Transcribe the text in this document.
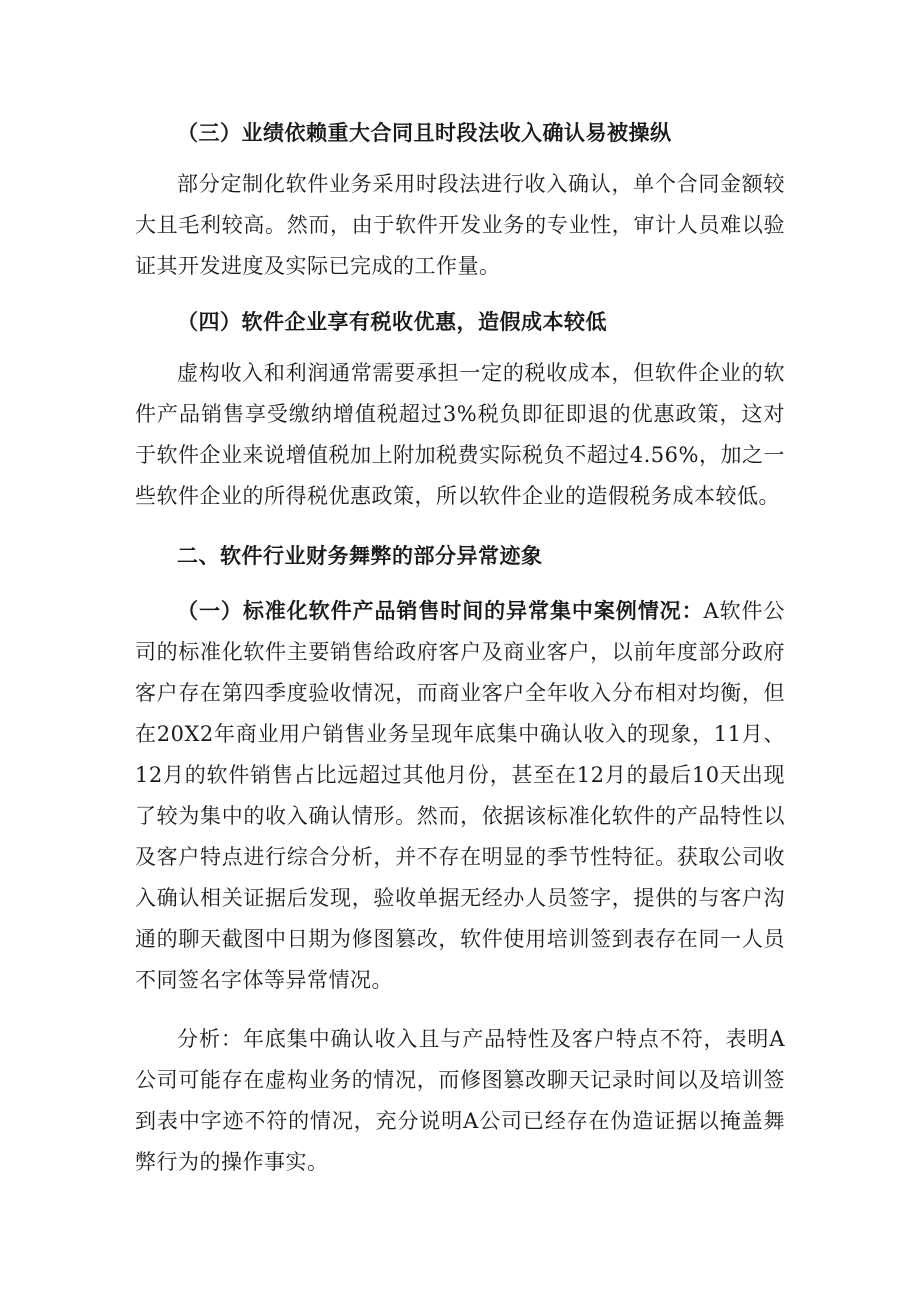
（三）业绩依赖重大合同且时段法收入确认易被操纵

部分定制化软件业务采用时段法进行收入确认，单个合同金额较大且毛利较高。然而，由于软件开发业务的专业性，审计人员难以验证其开发进度及实际已完成的工作量。

（四）软件企业享有税收优惠，造假成本较低

虚构收入和利润通常需要承担一定的税收成本，但软件企业的软件产品销售享受缴纳增值税超过3%税负即征即退的优惠政策，这对于软件企业来说增值税加上附加税费实际税负不超过4.56%，加之一些软件企业的所得税优惠政策，所以软件企业的造假税务成本较低。

二、软件行业财务舞弊的部分异常迹象

（一）标准化软件产品销售时间的异常集中案例情况：A软件公司的标准化软件主要销售给政府客户及商业客户，以前年度部分政府客户存在第四季度验收情况，而商业客户全年收入分布相对均衡，但在20X2年商业用户销售业务呈现年底集中确认收入的现象，11月、12月的软件销售占比远超过其他月份，甚至在12月的最后10天出现了较为集中的收入确认情形。然而，依据该标准化软件的产品特性以及客户特点进行综合分析，并不存在明显的季节性特征。获取公司收入确认相关证据后发现，验收单据无经办人员签字，提供的与客户沟通的聊天截图中日期为修图篡改，软件使用培训签到表存在同一人员不同签名字体等异常情况。

分析：年底集中确认收入且与产品特性及客户特点不符，表明A公司可能存在虚构业务的情况，而修图篡改聊天记录时间以及培训签到表中字迹不符的情况，充分说明A公司已经存在伪造证据以掩盖舞弊行为的操作事实。
